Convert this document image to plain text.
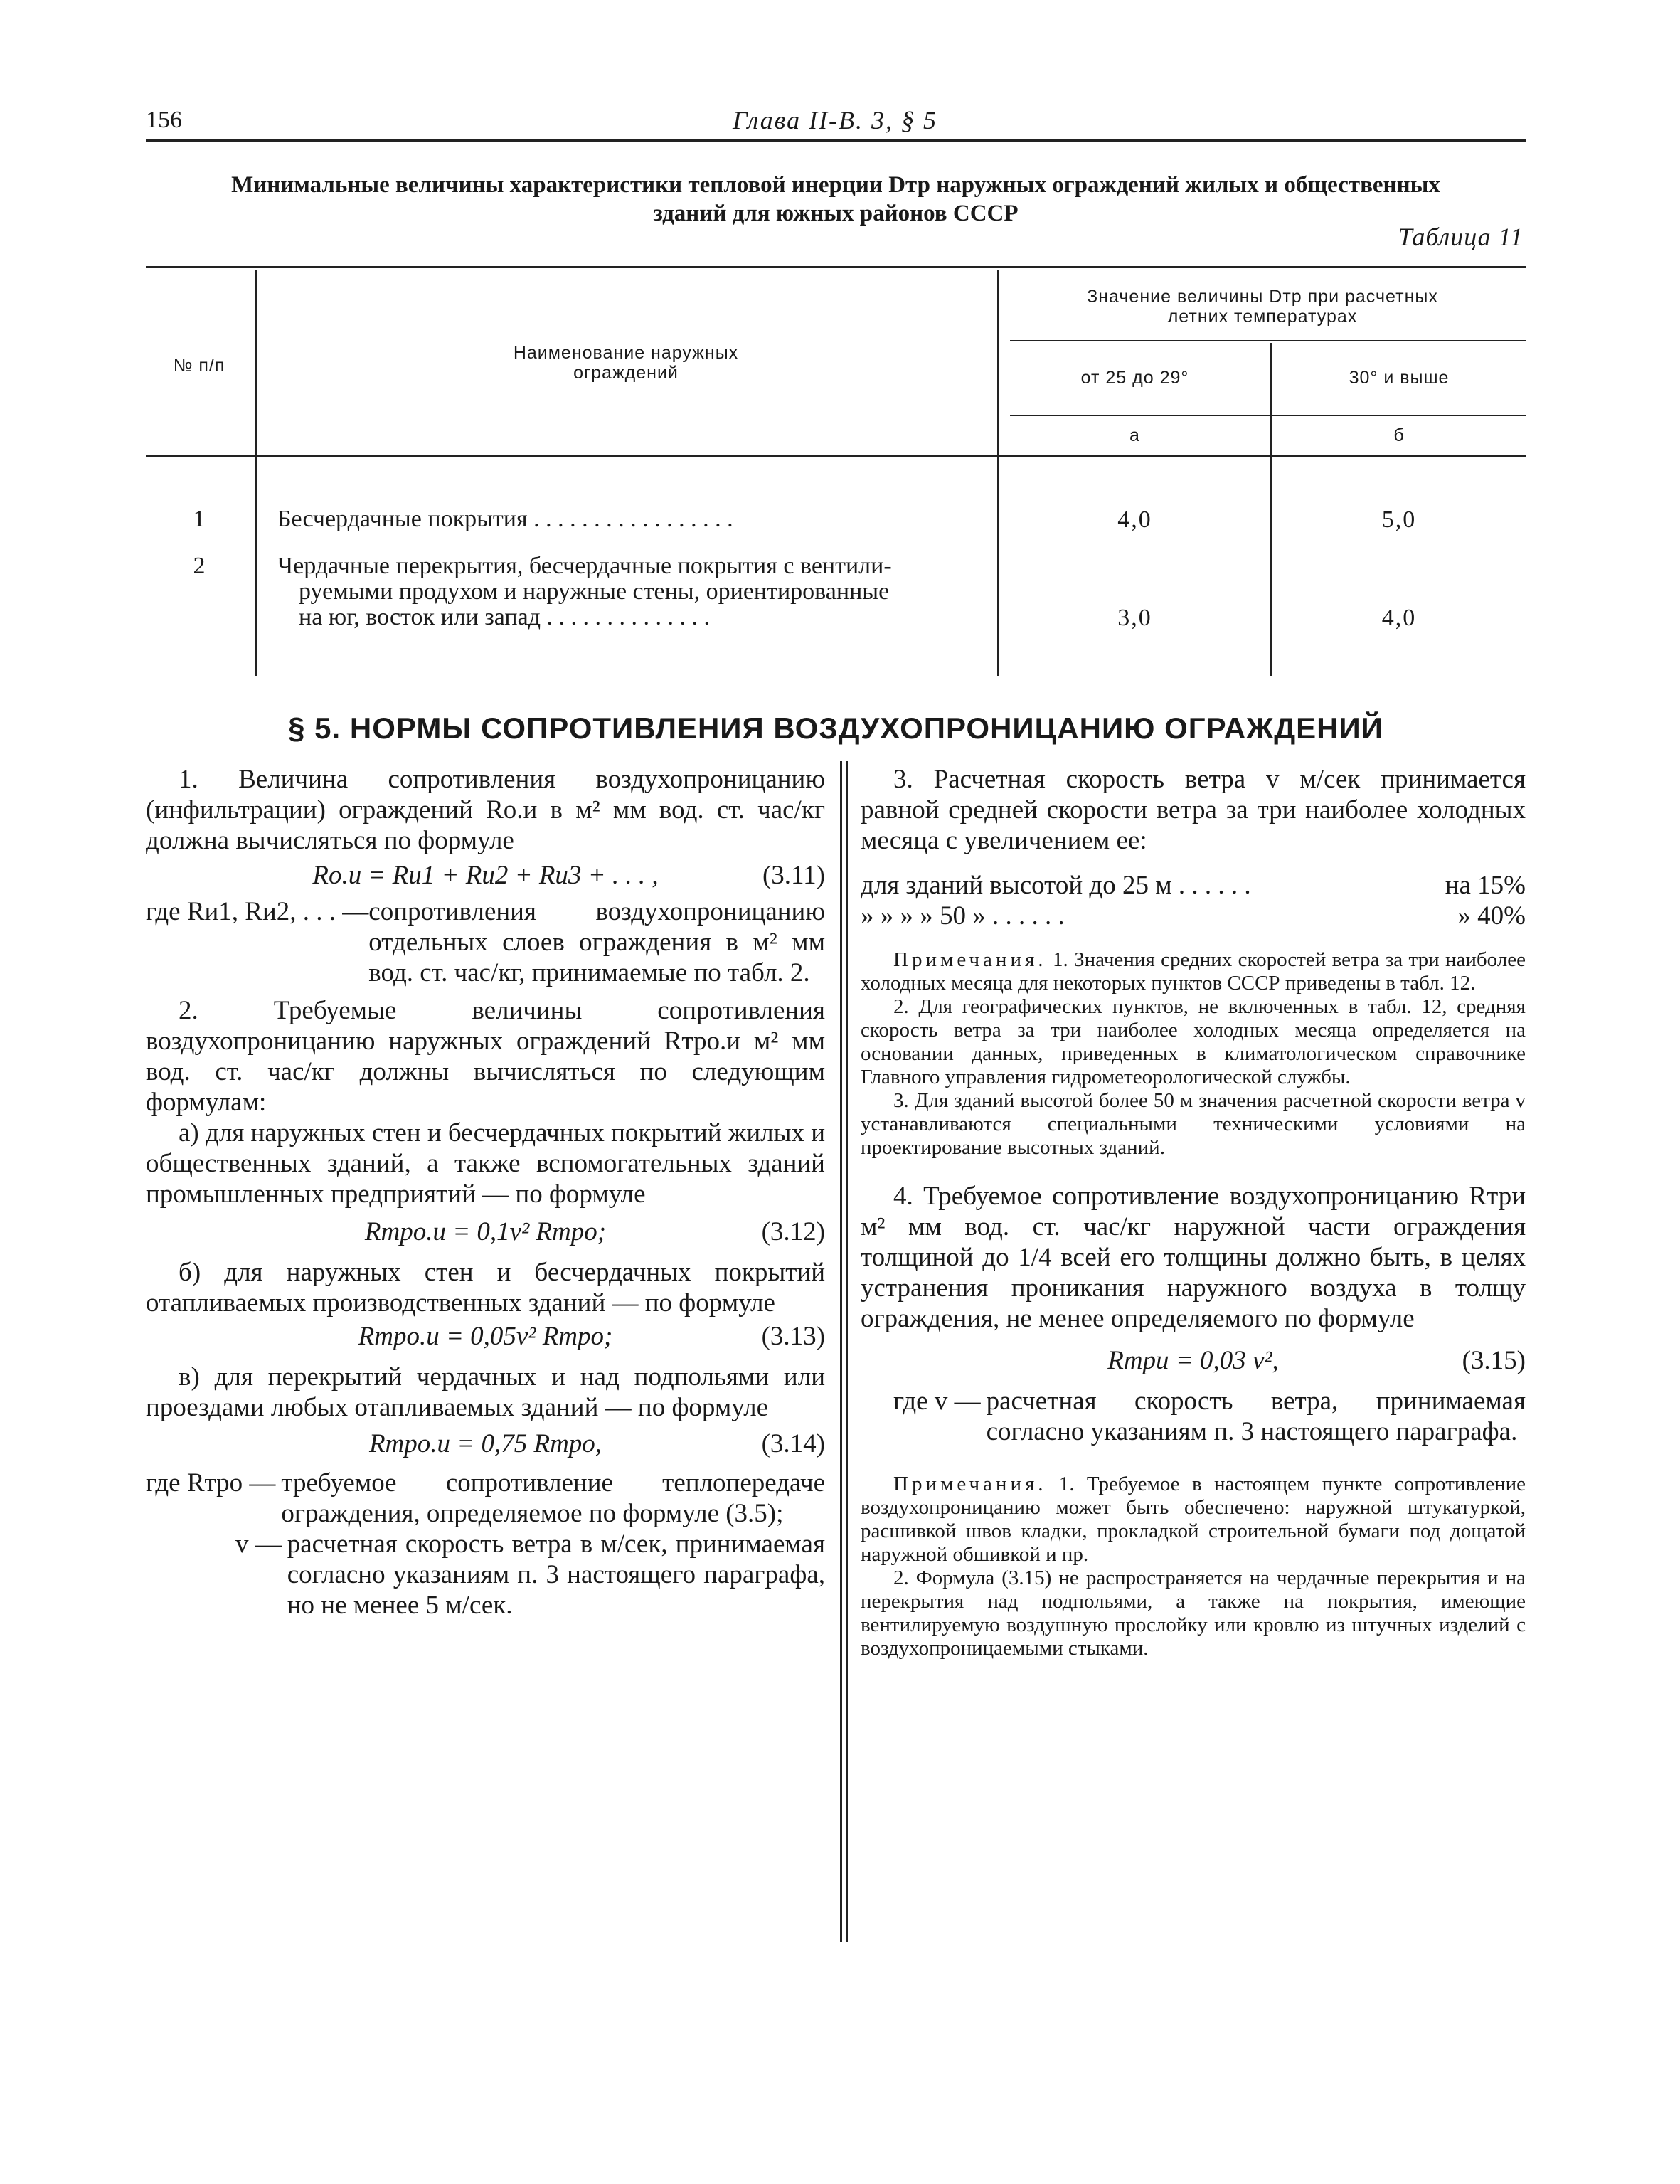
156	Глава II-В. 3, § 5
Минимальные величины характеристики тепловой инерции Dтр наружных ограждений жилых и общественных
зданий для южных районов СССР
Таблица 11
№ п/п
Наименование наружных
ограждений
Значение величины Dтр при расчетных
летних температурах
от 25 до 29°	30° и выше
а	б
1	Бесчердачные покрытия . . . . . . . . . . . . . . . . .	4,0	5,0
2	Чердачные перекрытия, бесчердачные покрытия с вентили-
руемыми продухом и наружные стены, ориентированные
на юг, восток или запад . . . . . . . . . . . . . .	3,0	4,0
§ 5. НОРМЫ СОПРОТИВЛЕНИЯ ВОЗДУХОПРОНИЦАНИЮ ОГРАЖДЕНИЙ

1. Величина сопротивления воздухопроницанию (инфильтрации) ограждений Rо.и в м² мм вод. ст. час/кг должна вычисляться по формуле

Rо.и = Rи1 + Rи2 + Rи3 + . . . ,	(3.11)
где Rи1, Rи2, . . . — сопротивления воздухопроницанию отдельных слоев ограждения в м² мм вод. ст. час/кг, принимаемые по табл. 2.

2. Требуемые величины сопротивления воздухопроницанию наружных ограждений Rтро.и м² мм вод. ст. час/кг должны вычисляться по следующим формулам:

а) для наружных стен и бесчердачных покрытий жилых и общественных зданий, а также вспомогательных зданий промышленных предприятий — по формуле

Rтро.и = 0,1v² Rтро;	(3.12)

б) для наружных стен и бесчердачных покрытий отапливаемых производственных зданий — по формуле

Rтро.и = 0,05v² Rтро;	(3.13)

в) для перекрытий чердачных и над подпольями или проездами любых отапливаемых зданий — по формуле

Rтро.и = 0,75 Rтро,	(3.14)
где Rтро — требуемое сопротивление теплопередаче ограждения, определяемое по формуле (3.5);
v — расчетная скорость ветра в м/сек, принимаемая согласно указаниям п. 3 настоящего параграфа, но не менее 5 м/сек.

3. Расчетная скорость ветра v м/сек принимается равной средней скорости ветра за три наиболее холодных месяца с увеличением ее:

для зданий высотой до 25 м . . . . . .	на 15%
» » » » 50 » . . . . . .	» 40%

Примечания. 1. Значения средних скоростей ветра за три наиболее холодных месяца для некоторых пунктов СССР приведены в табл. 12.

2. Для географических пунктов, не включенных в табл. 12, средняя скорость ветра за три наиболее холодных месяца определяется на основании данных, приведенных в климатологическом справочнике Главного управления гидрометеорологической службы.

3. Для зданий высотой более 50 м значения расчетной скорости ветра v устанавливаются специальными техническими условиями на проектирование высотных зданий.

4. Требуемое сопротивление воздухопроницанию Rтри м² мм вод. ст. час/кг наружной части ограждения толщиной до 1/4 всей его толщины должно быть, в целях устранения проникания наружного воздуха в толщу ограждения, не менее определяемого по формуле

Rтри = 0,03 v²,	(3.15)
где v — расчетная скорость ветра, принимаемая согласно указаниям п. 3 настоящего параграфа.

Примечания. 1. Требуемое в настоящем пункте сопротивление воздухопроницанию может быть обеспечено: наружной штукатуркой, расшивкой швов кладки, прокладкой строительной бумаги под дощатой наружной обшивкой и пр.

2. Формула (3.15) не распространяется на чердачные перекрытия и на перекрытия над подпольями, а также на покрытия, имеющие вентилируемую воздушную прослойку или кровлю из штучных изделий с воздухопроницаемыми стыками.
